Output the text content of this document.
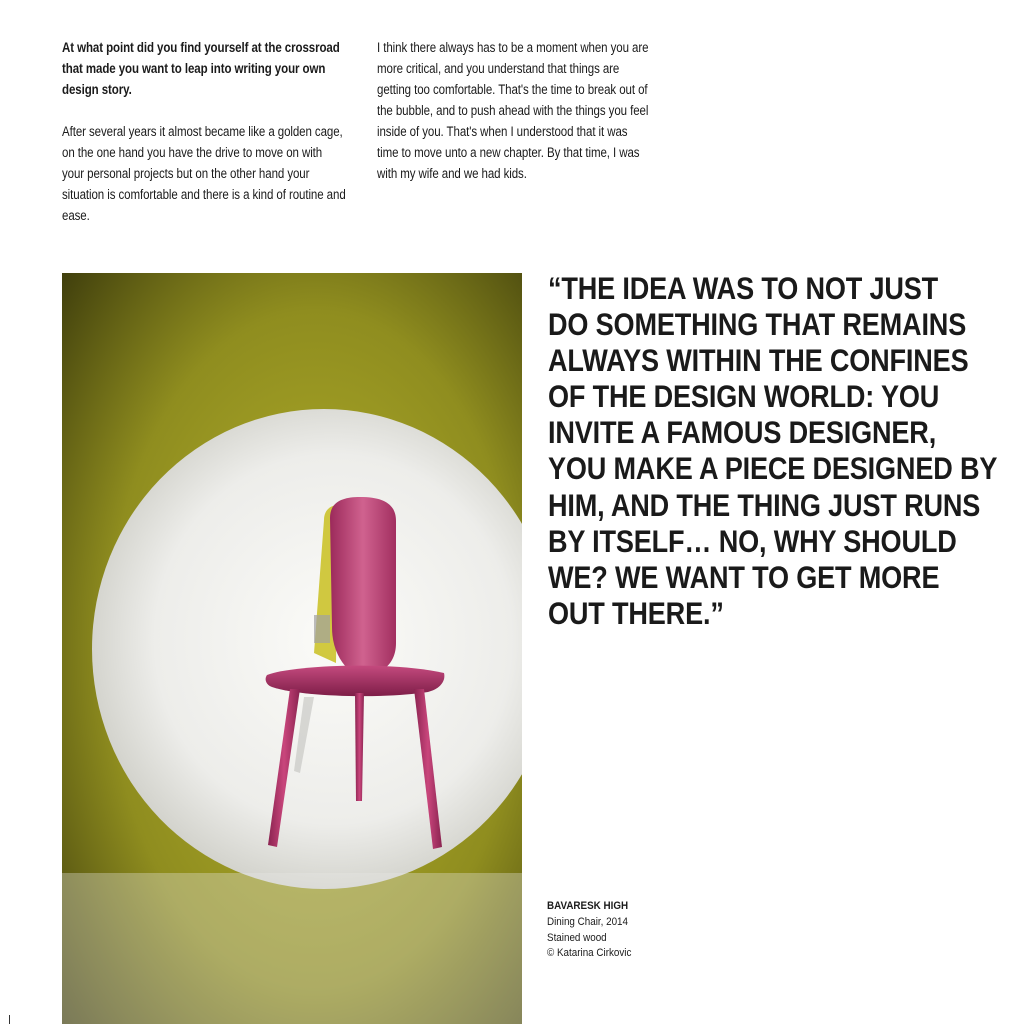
At what point did you find yourself at the crossroad that made you want to leap into writing your own design story.

After several years it almost became like a golden cage, on the one hand you have the drive to move on with your personal projects but on the other hand your situation is comfortable and there is a kind of routine and ease.

I think there always has to be a moment when you are more critical, and you understand that things are getting too comfortable. That's the time to break out of the bubble, and to push ahead with the things you feel inside of you. That's when I understood that it was time to move unto a new chapter. By that time, I was with my wife and we had kids.

“THE IDEA WAS TO NOT JUST
DO SOMETHING THAT REMAINS
ALWAYS WITHIN THE CONFINES
OF THE DESIGN WORLD: YOU
INVITE A FAMOUS DESIGNER,
YOU MAKE A PIECE DESIGNED BY
HIM, AND THE THING JUST RUNS
BY ITSELF… NO, WHY SHOULD
WE? WE WANT TO GET MORE
OUT THERE.”
BAVARESK HIGH
Dining Chair, 2014
Stained wood
© Katarina Cirkovic
